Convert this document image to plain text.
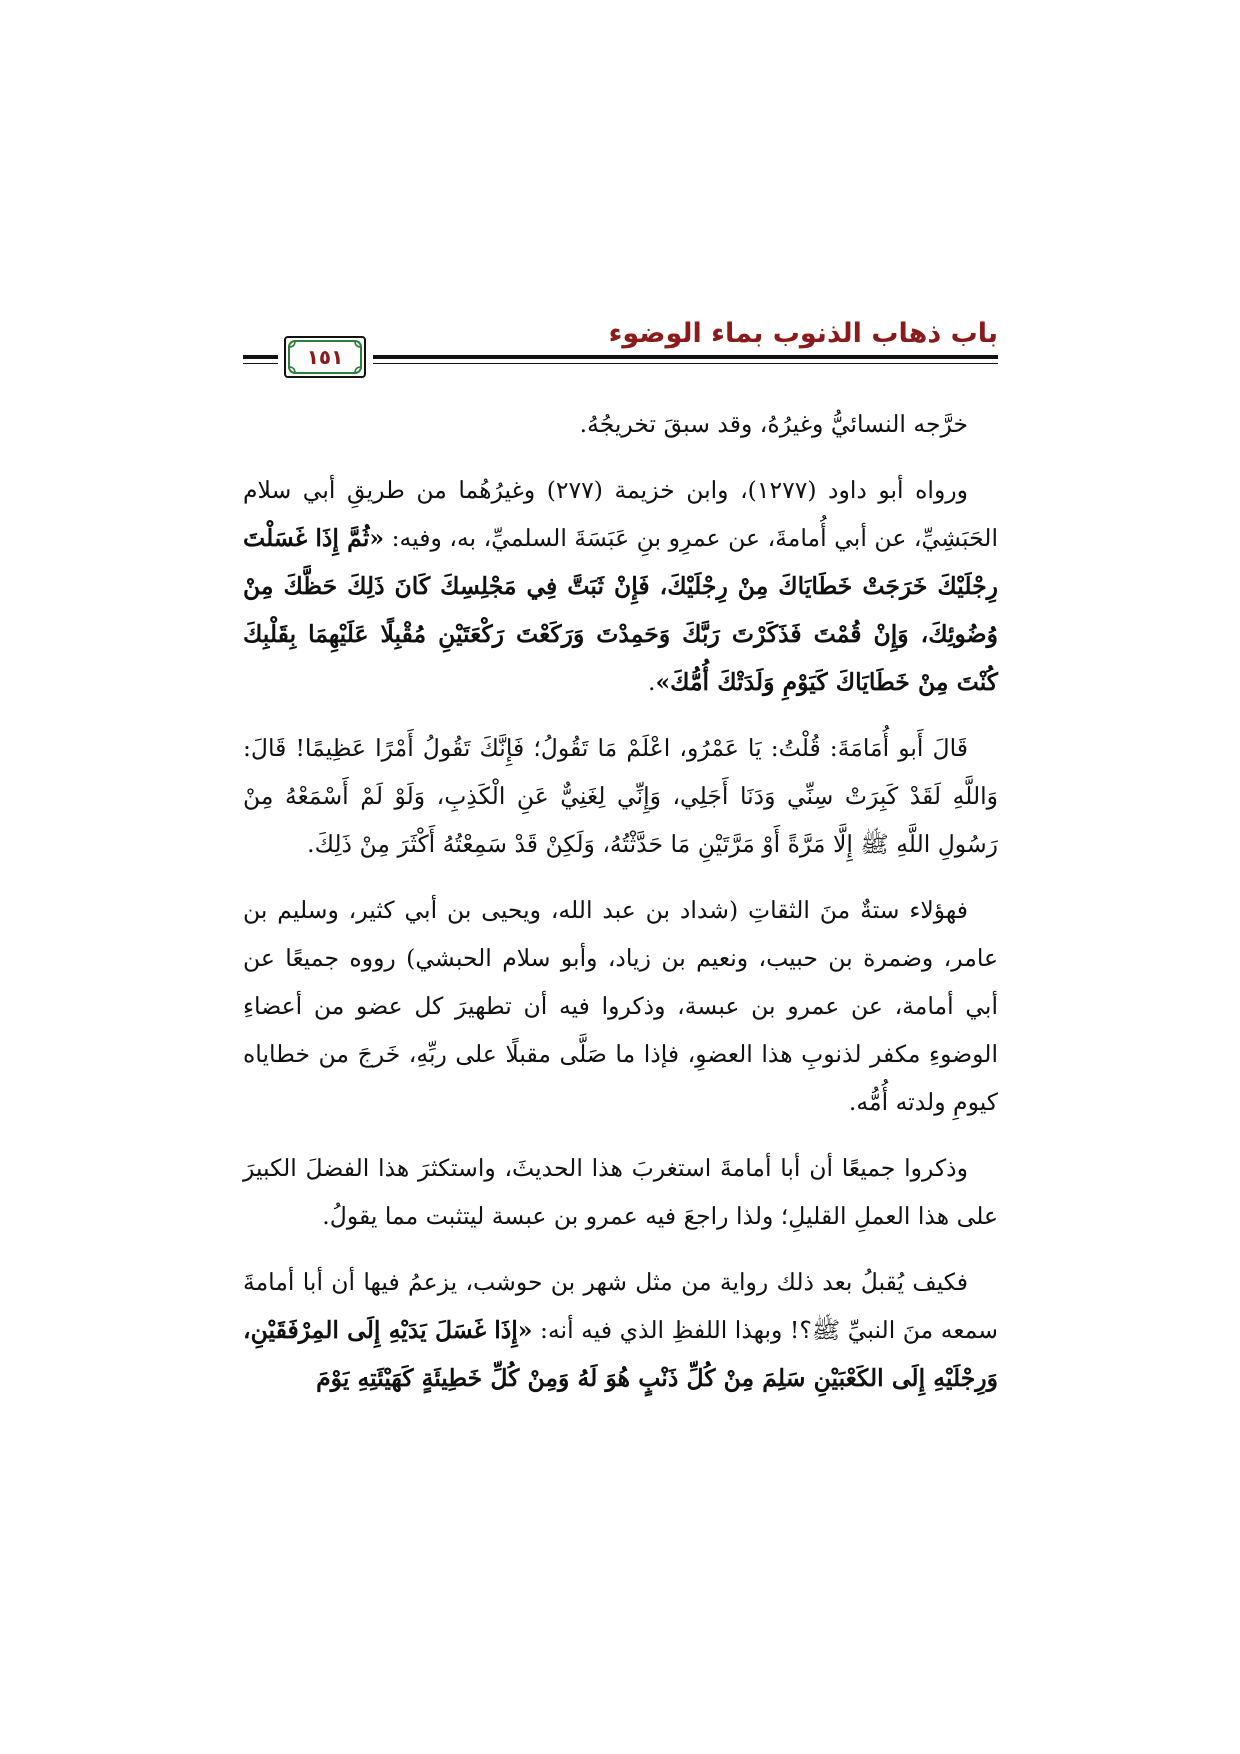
باب ذهاب الذنوب بماء الوضوء
١٥١

خرَّجه النسائيُّ وغيرُهُ، وقد سبقَ تخريجُهُ.

ورواه أبو داود (١٢٧٧)، وابن خزيمة (٢٧٧) وغيرُهُما من طريقِ أبي سلام الحَبَشِيِّ، عن أبي أُمامةَ، عن عمرِو بنِ عَبَسَةَ السلميِّ، به، وفيه: «ثُمَّ إِذَا غَسَلْتَ رِجْلَيْكَ خَرَجَتْ خَطَايَاكَ مِنْ رِجْلَيْكَ، فَإِنْ ثَبَتَّ فِي مَجْلِسِكَ كَانَ ذَلِكَ حَظَّكَ مِنْ وُضُوئِكَ، وَإِنْ قُمْتَ فَذَكَرْتَ رَبَّكَ وَحَمِدْتَ وَرَكَعْتَ رَكْعَتَيْنِ مُقْبِلًا عَلَيْهِمَا بِقَلْبِكَ كُنْتَ مِنْ خَطَايَاكَ كَيَوْمِ وَلَدَتْكَ أُمُّكَ».

قَالَ أَبو أُمَامَةَ: قُلْتُ: يَا عَمْرُو، اعْلَمْ مَا تَقُولُ؛ فَإِنَّكَ تَقُولُ أَمْرًا عَظِيمًا! قَالَ: وَاللَّهِ لَقَدْ كَبِرَتْ سِنِّي وَدَنَا أَجَلِي، وَإِنِّي لِغَنِيٌّ عَنِ الْكَذِبِ، وَلَوْ لَمْ أَسْمَعْهُ مِنْ رَسُولِ اللَّهِ ﷺ إِلَّا مَرَّةً أَوْ مَرَّتَيْنِ مَا حَدَّثْتُهُ، وَلَكِنْ قَدْ سَمِعْتُهُ أَكْثَرَ مِنْ ذَلِكَ.

فهؤلاء ستةٌ منَ الثقاتِ (شداد بن عبد الله، ويحيى بن أبي كثير، وسليم بن عامر، وضمرة بن حبيب، ونعيم بن زياد، وأبو سلام الحبشي) رووه جميعًا عن أبي أمامة، عن عمرو بن عبسة، وذكروا فيه أن تطهيرَ كل عضو من أعضاءِ الوضوءِ مكفر لذنوبِ هذا العضوِ، فإذا ما صَلَّى مقبلًا على ربِّهِ، خَرجَ من خطاياه كيومِ ولدته أُمُّه.

وذكروا جميعًا أن أبا أمامةَ استغربَ هذا الحديثَ، واستكثرَ هذا الفضلَ الكبيرَ على هذا العملِ القليلِ؛ ولذا راجعَ فيه عمرو بن عبسة ليتثبت مما يقولُ.

فكيف يُقبلُ بعد ذلك رواية من مثل شهر بن حوشب، يزعمُ فيها أن أبا أمامةَ سمعه منَ النبيِّ ﷺ؟! وبهذا اللفظِ الذي فيه أنه: «إِذَا غَسَلَ يَدَيْهِ إِلَى المِرْفَقَيْنِ، وَرِجْلَيْهِ إِلَى الكَعْبَيْنِ سَلِمَ مِنْ كُلِّ ذَنْبٍ هُوَ لَهُ وَمِنْ كُلِّ خَطِيئَةٍ كَهَيْئَتِهِ يَوْمَ
